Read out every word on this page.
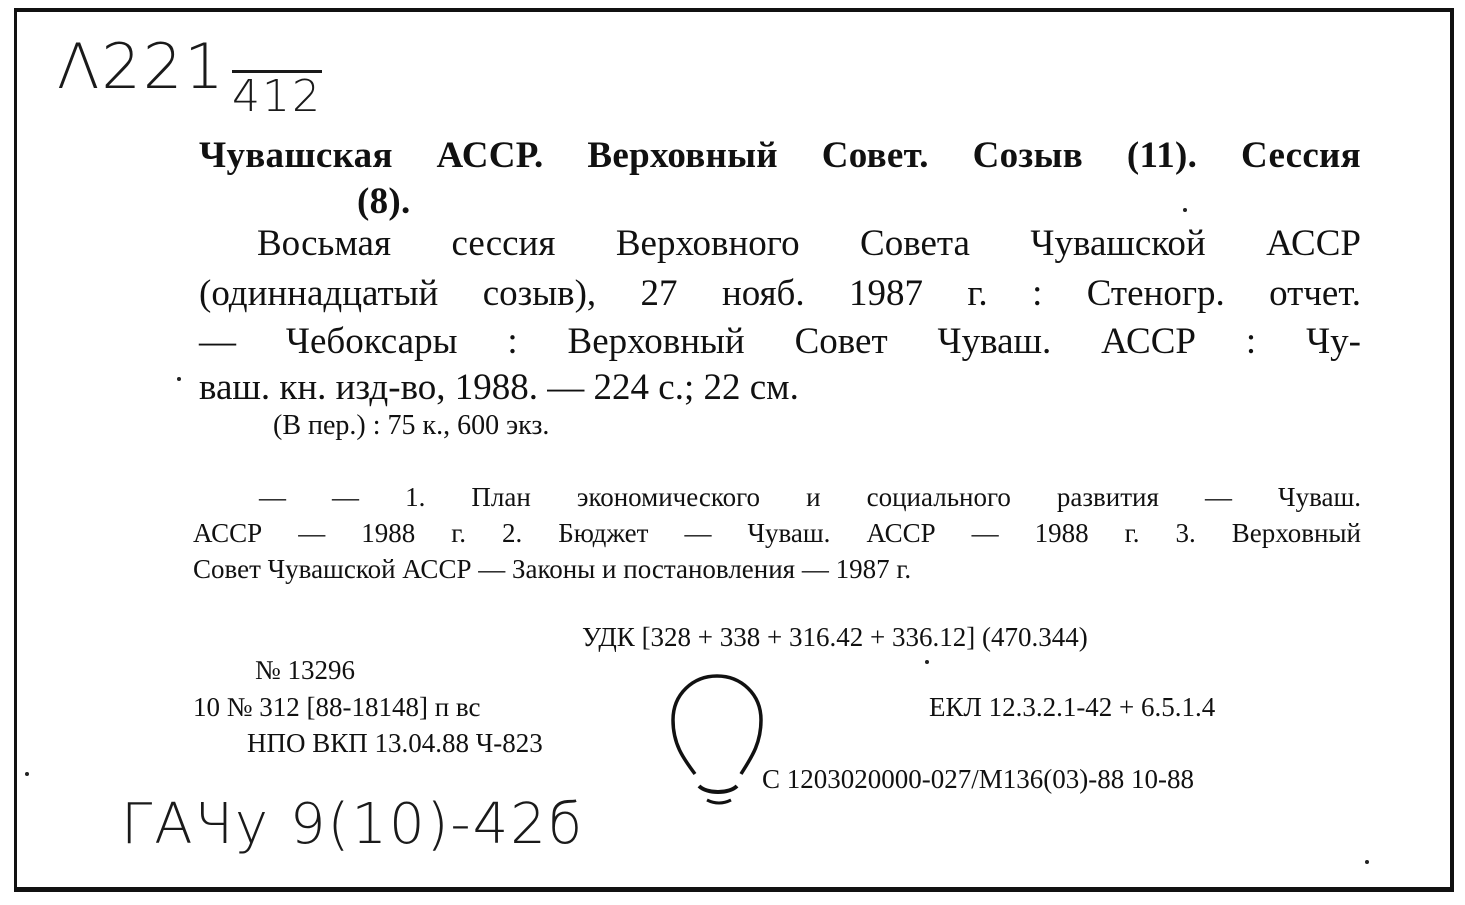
Λ221 412
Чувашская АССР. Верховный Совет. Созыв (11). Сессия
(8).
Восьмая сессия Верховного Совета Чувашской АССР
(одиннадцатый созыв), 27 нояб. 1987 г. : Стеногр. отчет.
— Чебоксары : Верховный Совет Чуваш. АССР : Чу-
ваш. кн. изд-во, 1988. — 224 с.; 22 см.
(В пер.) : 75 к., 600 экз.
— — 1. План экономического и социального развития — Чуваш.
АССР — 1988 г. 2. Бюджет — Чуваш. АССР — 1988 г. 3. Верховный
Совет Чувашской АССР — Законы и постановления — 1987 г.
УДК [328 + 338 + 316.42 + 336.12] (470.344)
№ 13296
10 № 312 [88-18148] п вс
НПО ВКП 13.04.88 Ч-823
ЕКЛ 12.3.2.1-42 + 6.5.1.4
С 1203020000-027/М136(03)-88 10-88
ГАЧу 9(10)-42б
